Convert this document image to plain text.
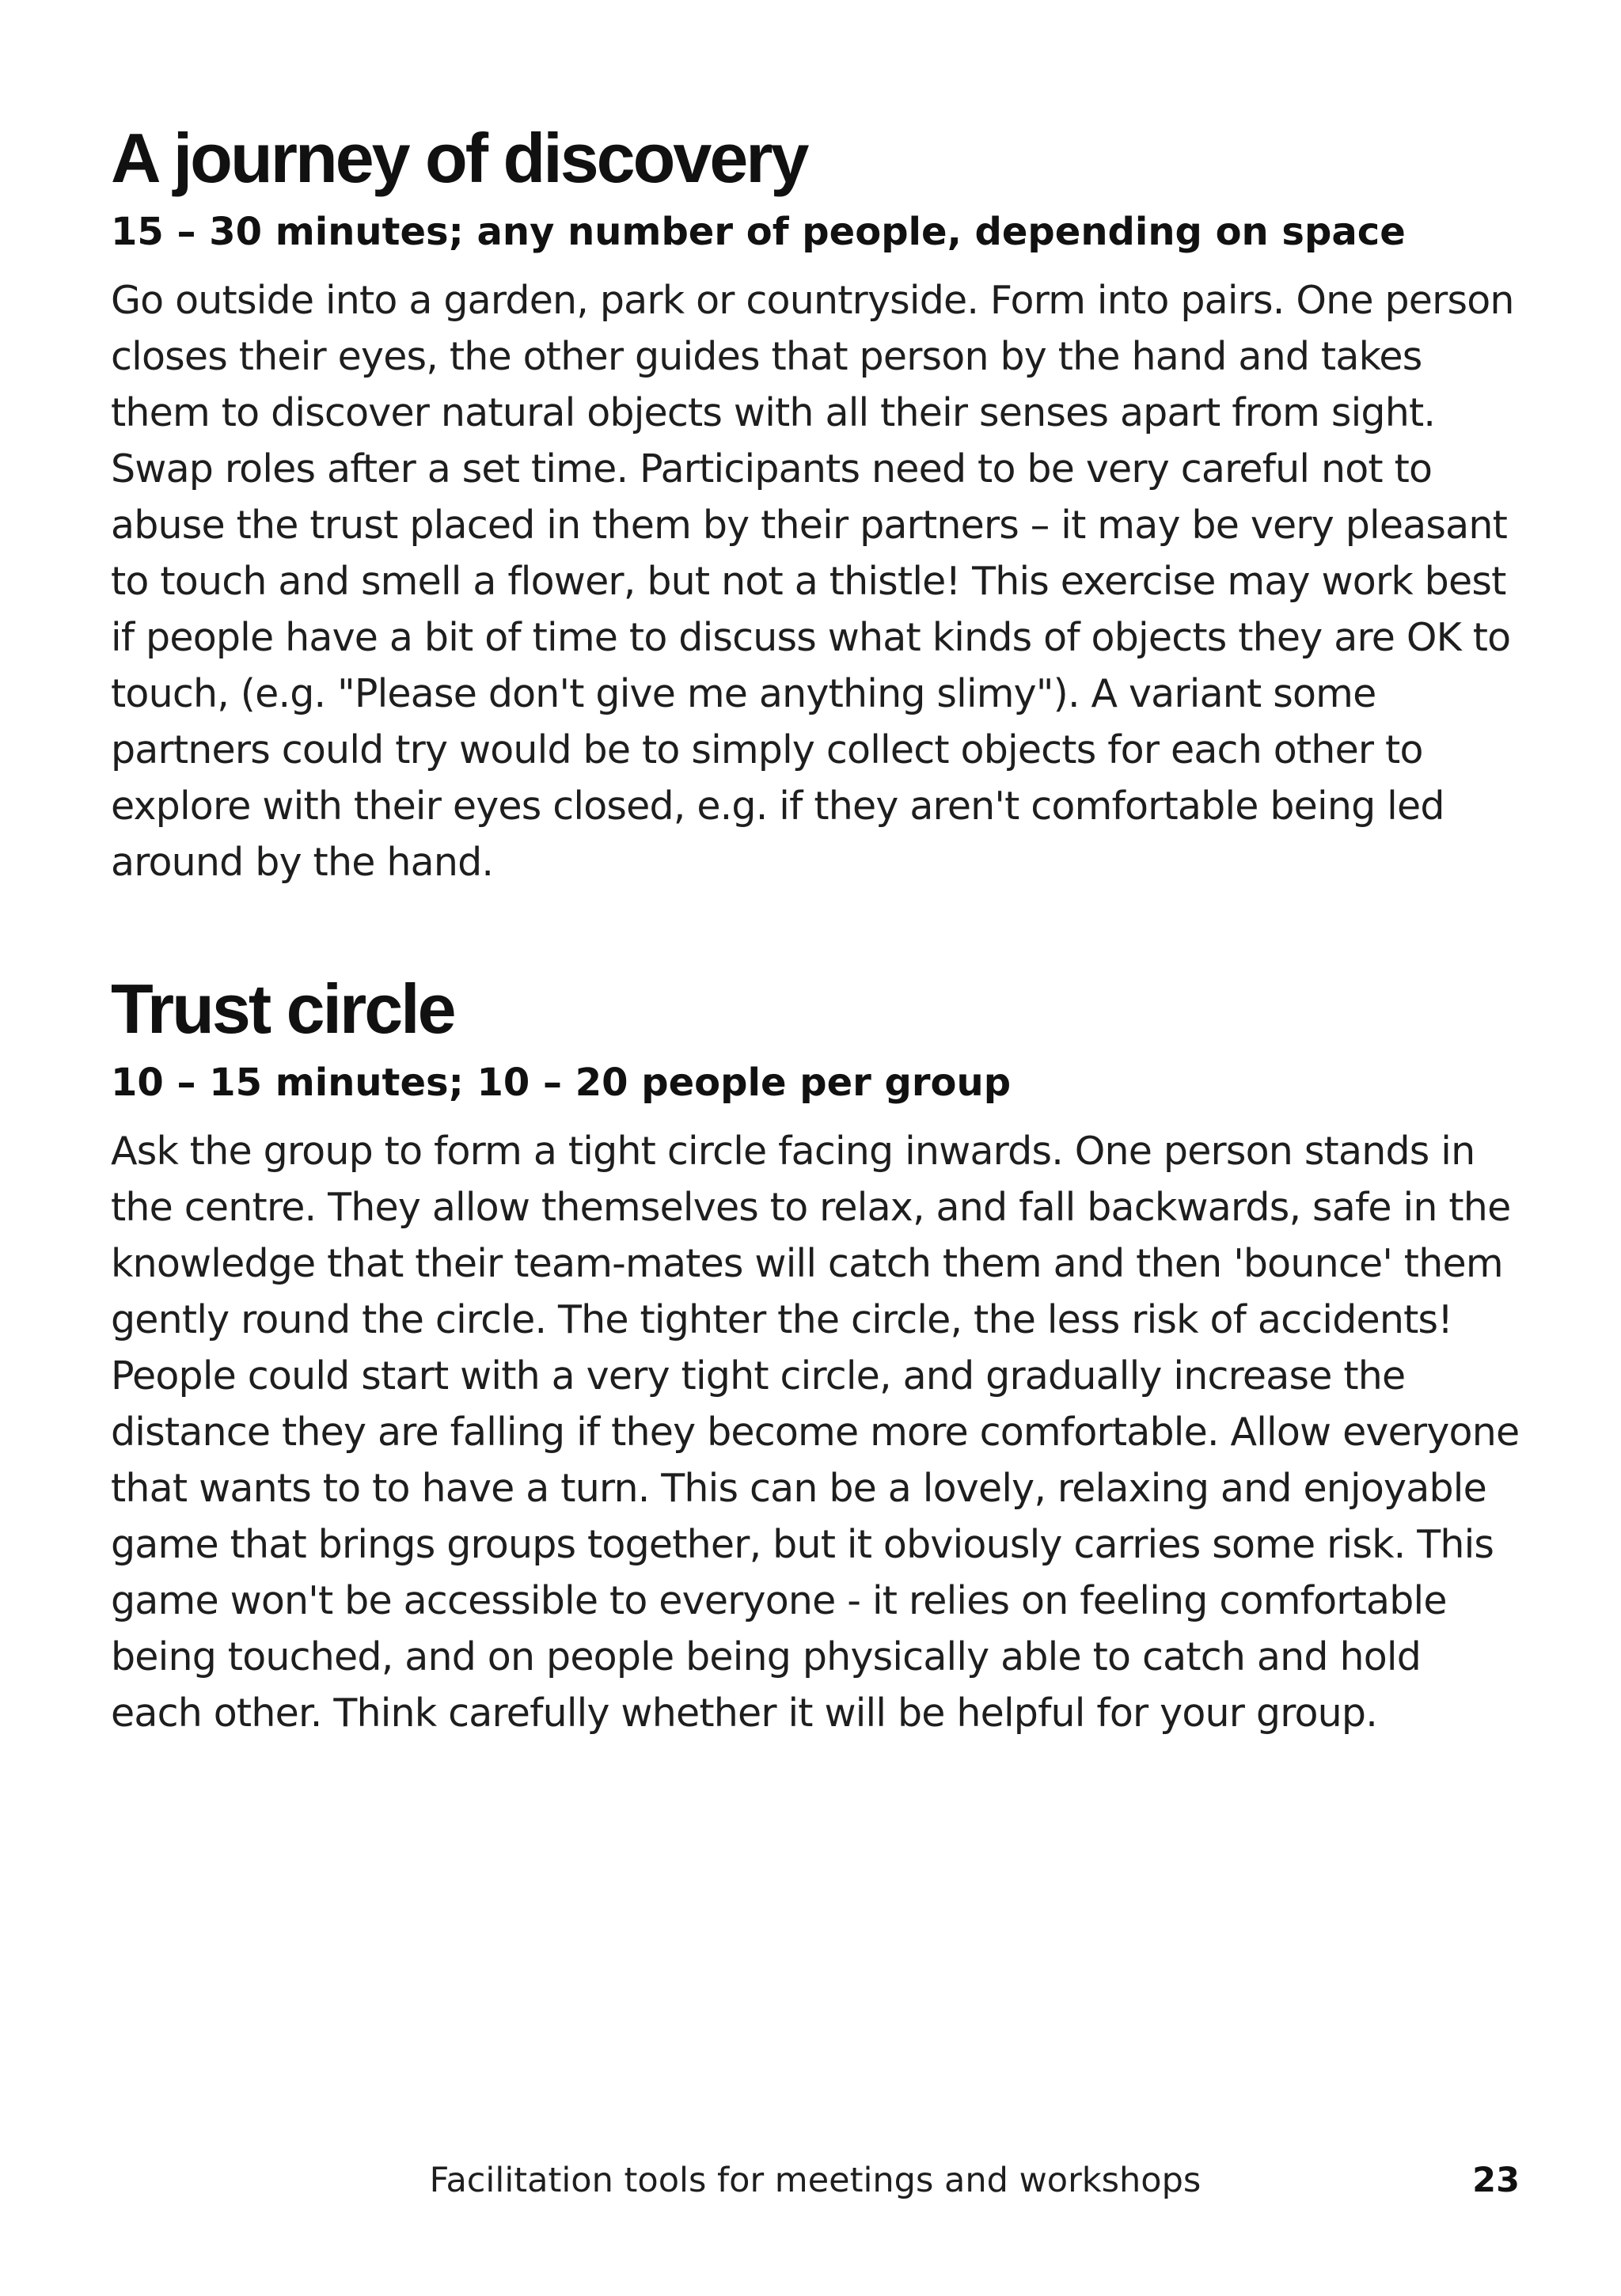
A journey of discovery
15 – 30 minutes; any number of people, depending on space

Go outside into a garden, park or countryside. Form into pairs. One person closes their eyes, the other guides that person by the hand and takes them to discover natural objects with all their senses apart from sight. Swap roles after a set time. Participants need to be very careful not to abuse the trust placed in them by their partners – it may be very pleasant to touch and smell a flower, but not a thistle! This exercise may work best if people have a bit of time to discuss what kinds of objects they are OK to touch, (e.g. "Please don't give me anything slimy"). A variant some partners could try would be to simply collect objects for each other to explore with their eyes closed, e.g. if they aren't comfortable being led around by the hand.

Trust circle
10 – 15 minutes; 10 – 20 people per group

Ask the group to form a tight circle facing inwards. One person stands in the centre. They allow themselves to relax, and fall backwards, safe in the knowledge that their team-mates will catch them and then 'bounce' them gently round the circle. The tighter the circle, the less risk of accidents! People could start with a very tight circle, and gradually increase the distance they are falling if they become more comfortable. Allow everyone that wants to to have a turn. This can be a lovely, relaxing and enjoyable game that brings groups together, but it obviously carries some risk. This game won't be accessible to everyone - it relies on feeling comfortable being touched, and on people being physically able to catch and hold each other. Think carefully whether it will be helpful for your group.

Facilitation tools for meetings and workshops	23
